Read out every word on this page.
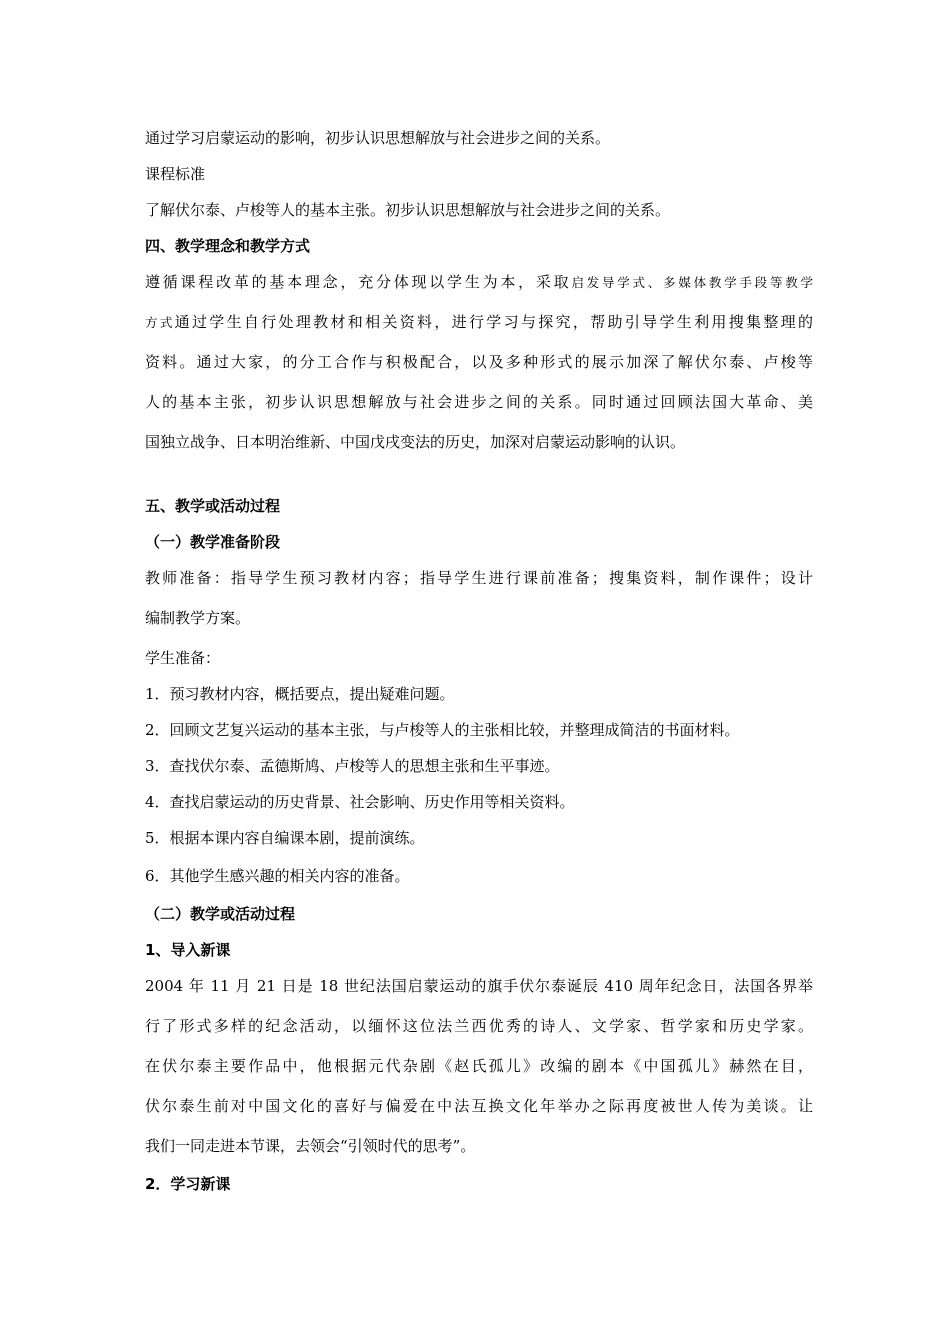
通过学习启蒙运动的影响，初步认识思想解放与社会进步之间的关系。

课程标准

了解伏尔泰、卢梭等人的基本主张。初步认识思想解放与社会进步之间的关系。

四、教学理念和教学方式

遵循课程改革的基本理念，充分体现以学生为本，采取启发导学式、多媒体教学手段等教学

方式通过学生自行处理教材和相关资料，进行学习与探究，帮助引导学生利用搜集整理的

资料。通过大家，的分工合作与积极配合，以及多种形式的展示加深了解伏尔泰、卢梭等

人的基本主张，初步认识思想解放与社会进步之间的关系。同时通过回顾法国大革命、美

国独立战争、日本明治维新、中国戊戌变法的历史，加深对启蒙运动影响的认识。

五、教学或活动过程

（一）教学准备阶段

教师准备：指导学生预习教材内容；指导学生进行课前准备；搜集资料，制作课件；设计

编制教学方案。

学生准备：

1．预习教材内容，概括要点，提出疑难问题。

2．回顾文艺复兴运动的基本主张，与卢梭等人的主张相比较，并整理成简洁的书面材料。

3．查找伏尔泰、孟德斯鸠、卢梭等人的思想主张和生平事迹。

4．查找启蒙运动的历史背景、社会影响、历史作用等相关资料。

5．根据本课内容自编课本剧，提前演练。

6．其他学生感兴趣的相关内容的准备。

（二）教学或活动过程

1、导入新课

2004 年 11 月 21 日是 18 世纪法国启蒙运动的旗手伏尔泰诞辰 410 周年纪念日，法国各界举

行了形式多样的纪念活动，以缅怀这位法兰西优秀的诗人、文学家、哲学家和历史学家。

在伏尔泰主要作品中，他根据元代杂剧《赵氏孤儿》改编的剧本《中国孤儿》赫然在目，

伏尔泰生前对中国文化的喜好与偏爱在中法互换文化年举办之际再度被世人传为美谈。让

我们一同走进本节课，去领会“引领时代的思考”。

2．学习新课
